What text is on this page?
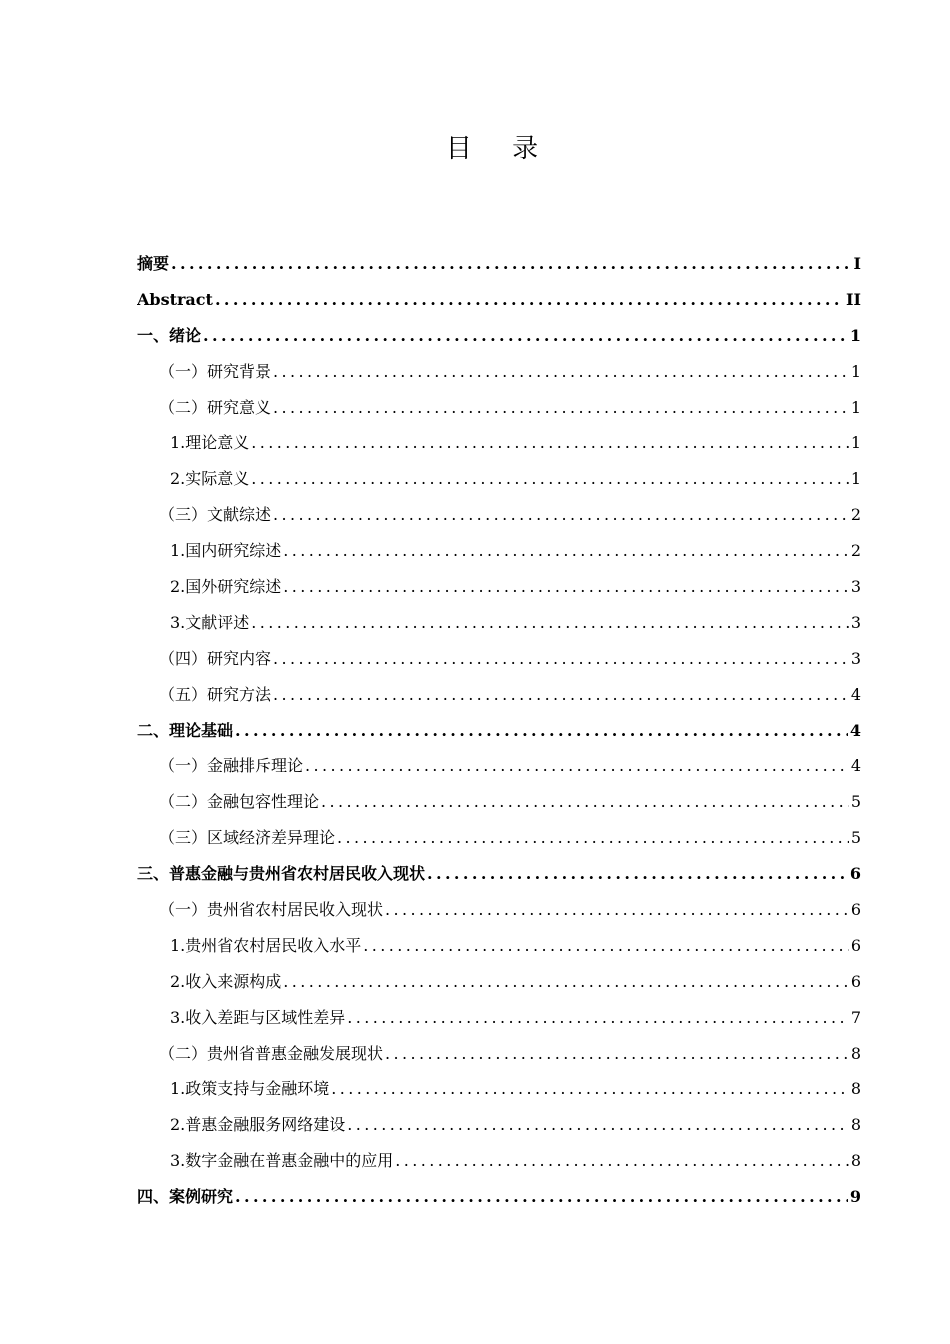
目 录
摘要 .....	I
Abstract .....	II
一、绪论 .....	1
（一）研究背景 .....	1
（二）研究意义 .....	1
1.理论意义 .....	1
2.实际意义 .....	1
（三）文献综述 .....	2
1.国内研究综述 .....	2
2.国外研究综述 .....	3
3.文献评述 .....	3
（四）研究内容 .....	3
（五）研究方法 .....	4
二、理论基础 .....	4
（一）金融排斥理论 .....	4
（二）金融包容性理论 .....	5
（三）区域经济差异理论 .....	5
三、普惠金融与贵州省农村居民收入现状 .....	6
（一）贵州省农村居民收入现状 .....	6
1.贵州省农村居民收入水平 .....	6
2.收入来源构成 .....	6
3.收入差距与区域性差异 .....	7
（二）贵州省普惠金融发展现状 .....	8
1.政策支持与金融环境 .....	8
2.普惠金融服务网络建设 .....	8
3.数字金融在普惠金融中的应用 .....	8
四、案例研究 .....	9
